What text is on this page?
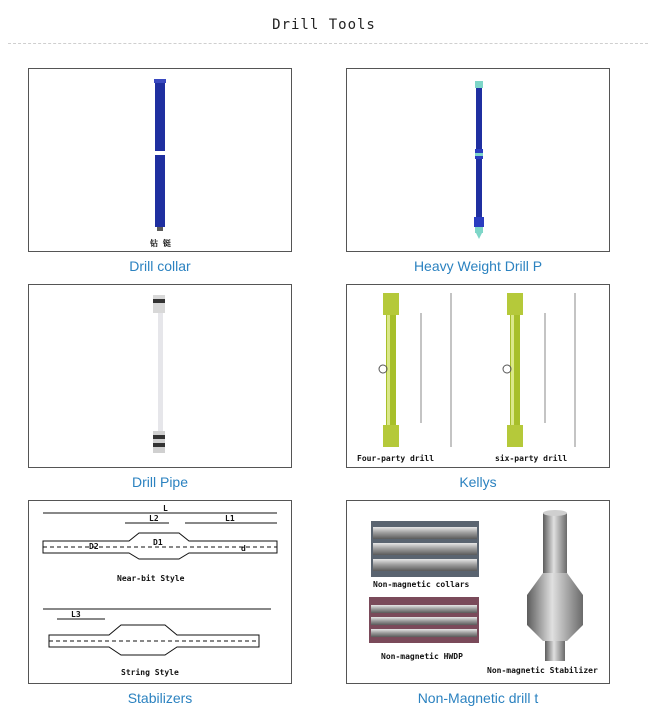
Drill Tools
钻 铤
Drill collar	Heavy Weight Drill P
Drill Pipe
Four-party drill	six-party drill
Kellys
L
L2	L1
D2	D1
d
Near-bit Style
L3
String Style
Stabilizers
Non-magnetic collars
Non-magnetic HWDP
Non-magnetic Stabilizer
Non-Magnetic drill t
